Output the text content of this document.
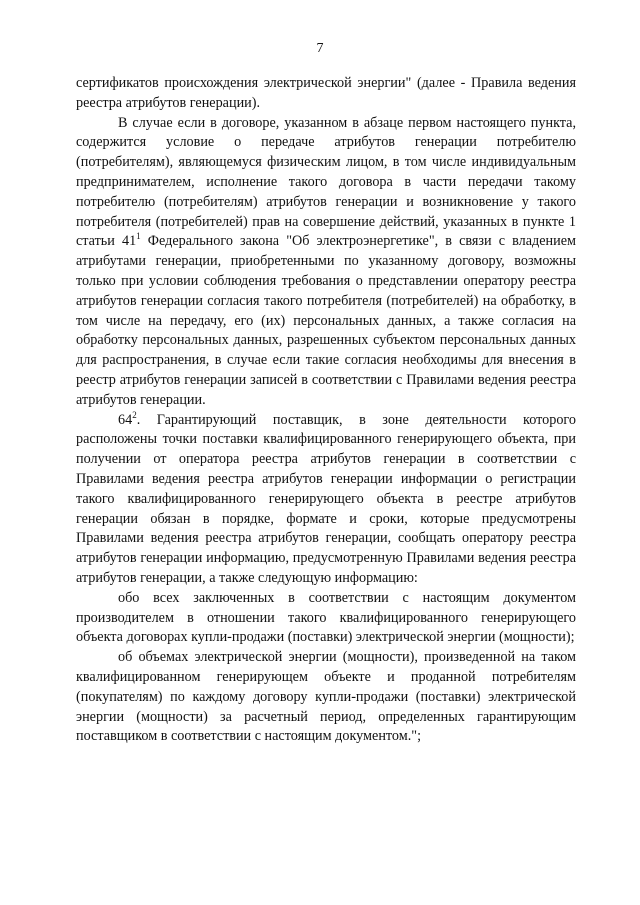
7

сертификатов происхождения электрической энергии" (далее - Правила ведения реестра атрибутов генерации).

В случае если в договоре, указанном в абзаце первом настоящего пункта, содержится условие о передаче атрибутов генерации потребителю (потребителям), являющемуся физическим лицом, в том числе индивидуальным предпринимателем, исполнение такого договора в части передачи такому потребителю (потребителям) атрибутов генерации и возникновение у такого потребителя (потребителей) прав на совершение действий, указанных в пункте 1 статьи $41^1$ Федерального закона "Об электроэнергетике", в связи с владением атрибутами генерации, приобретенными по указанному договору, возможны только при условии соблюдения требования о представлении оператору реестра атрибутов генерации согласия такого потребителя (потребителей) на обработку, в том числе на передачу, его (их) персональных данных, а также согласия на обработку персональных данных, разрешенных субъектом персональных данных для распространения, в случае если такие согласия необходимы для внесения в реестр атрибутов генерации записей в соответствии с Правилами ведения реестра атрибутов генерации.

$64^2$. Гарантирующий поставщик, в зоне деятельности которого расположены точки поставки квалифицированного генерирующего объекта, при получении от оператора реестра атрибутов генерации в соответствии с Правилами ведения реестра атрибутов генерации информации о регистрации такого квалифицированного генерирующего объекта в реестре атрибутов генерации обязан в порядке, формате и сроки, которые предусмотрены Правилами ведения реестра атрибутов генерации, сообщать оператору реестра атрибутов генерации информацию, предусмотренную Правилами ведения реестра атрибутов генерации, а также следующую информацию:

обо всех заключенных в соответствии с настоящим документом производителем в отношении такого квалифицированного генерирующего объекта договорах купли-продажи (поставки) электрической энергии (мощности);

об объемах электрической энергии (мощности), произведенной на таком квалифицированном генерирующем объекте и проданной потребителям (покупателям) по каждому договору купли-продажи (поставки) электрической энергии (мощности) за расчетный период, определенных гарантирующим поставщиком в соответствии с настоящим документом.";
